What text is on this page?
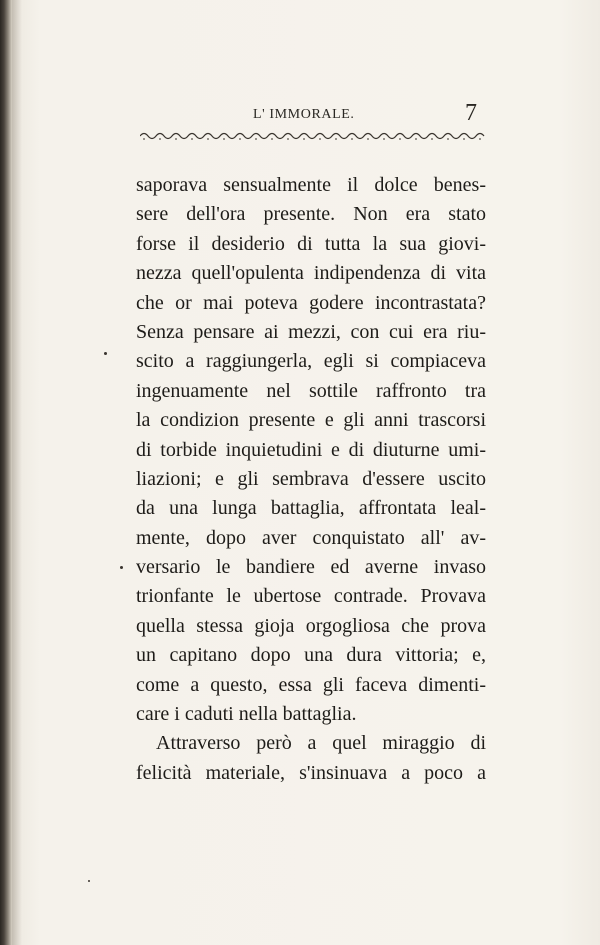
L' IMMORALE.	7
saporava sensualmente il dolce benes-
sere dell'ora presente. Non era stato
forse il desiderio di tutta la sua giovi-
nezza quell'opulenta indipendenza di vita
che or mai poteva godere incontrastata?
Senza pensare ai mezzi, con cui era riu-
scito a raggiungerla, egli si compiaceva
ingenuamente nel sottile raffronto tra
la condizion presente e gli anni trascorsi
di torbide inquietudini e di diuturne umi-
liazioni; e gli sembrava d'essere uscito
da una lunga battaglia, affrontata leal-
mente, dopo aver conquistato all' av-
versario le bandiere ed averne invaso
trionfante le ubertose contrade. Provava
quella stessa gioja orgogliosa che prova
un capitano dopo una dura vittoria; e,
come a questo, essa gli faceva dimenti-
care i caduti nella battaglia.
Attraverso però a quel miraggio di
felicità materiale, s'insinuava a poco a
